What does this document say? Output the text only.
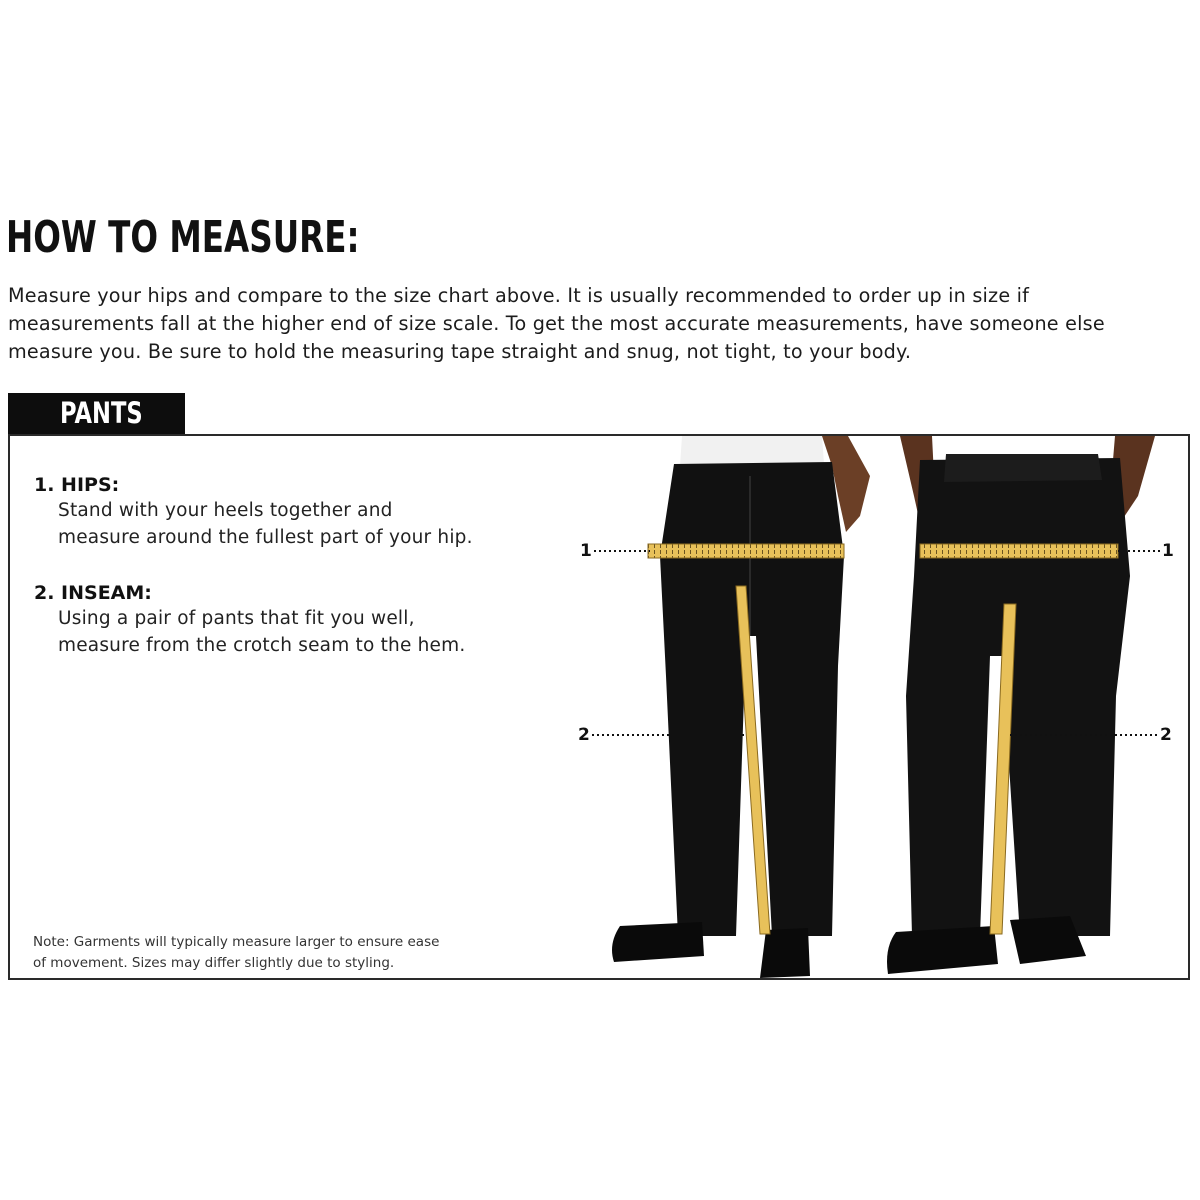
HOW TO MEASURE:
Measure your hips and compare to the size chart above. It is usually recommended to order up in size if
measurements fall at the higher end of size scale. To get the most accurate measurements, have someone else
measure you. Be sure to hold the measuring tape straight and snug, not tight, to your body.
PANTS
1. HIPS:
Stand with your heels together and
measure around the fullest part of your hip.
2. INSEAM:
Using a pair of pants that fit you well,
measure from the crotch seam to the hem.
Note: Garments will typically measure larger to ensure ease
of movement. Sizes may differ slightly due to styling.
1	1
2	2
